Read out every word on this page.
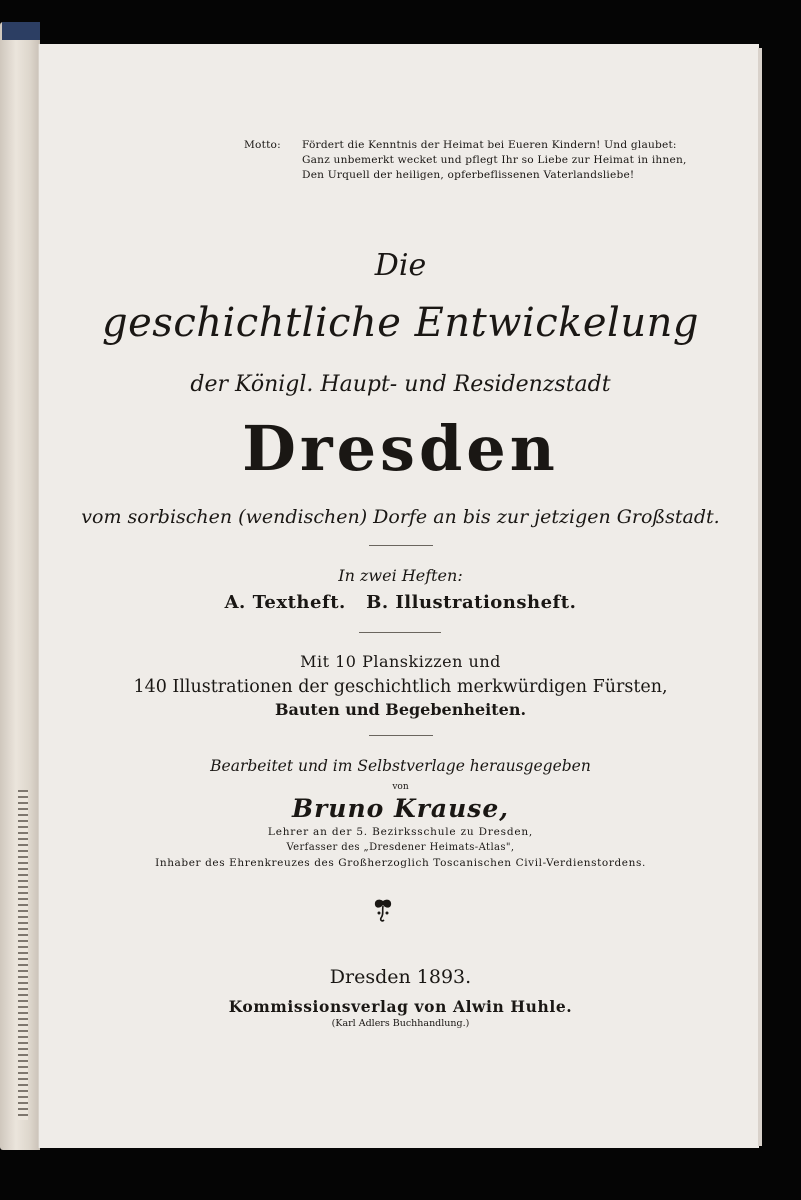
Motto: Fördert die Kenntnis der Heimat bei Eueren Kindern! Und glaubet:
Ganz unbemerkt wecket und pflegt Ihr so Liebe zur Heimat in ihnen,
Den Urquell der heiligen, opferbeflissenen Vaterlandsliebe!
Die
geschichtliche Entwickelung
der Königl. Haupt- und Residenzstadt
Dresden
vom sorbischen (wendischen) Dorfe an bis zur jetzigen Großstadt.
In zwei Heften:
A. Textheft. B. Illustrationsheft.
Mit 10 Planskizzen und
140 Illustrationen der geschichtlich merkwürdigen Fürsten,
Bauten und Begebenheiten.
Bearbeitet und im Selbstverlage herausgegeben
von
Bruno Krause,
Lehrer an der 5. Bezirksschule zu Dresden,
Verfasser des „Dresdener Heimats-Atlas",
Inhaber des Ehrenkreuzes des Großherzoglich Toscanischen Civil-Verdienstordens.
Dresden 1893.
Kommissionsverlag von Alwin Huhle.
(Karl Adlers Buchhandlung.)
